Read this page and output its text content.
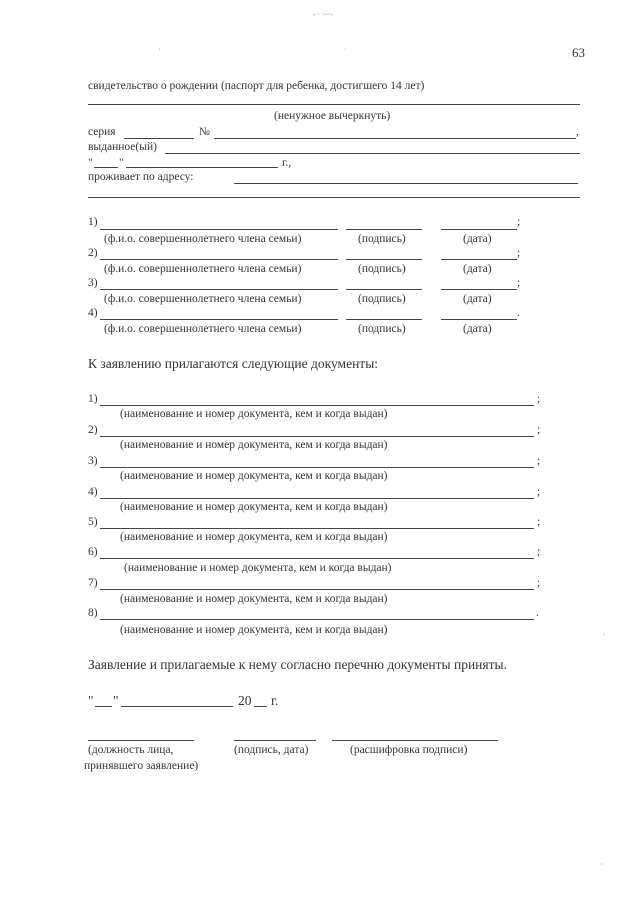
- · ·-·-
·	·	63
свидетельство о рождении (паспорт для ребенка, достигшего 14 лет)
(ненужное вычеркнуть)
серия	№	,
выданное(ый)
" "	г.,
проживает по адресу:
1)	;
(ф.и.о. совершеннолетнего члена семьи)	(подпись)	(дата)
2)	;
(ф.и.о. совершеннолетнего члена семьи)	(подпись)	(дата)
3)	;
(ф.и.о. совершеннолетнего члена семьи)	(подпись)	(дата)
4)	.
(ф.и.о. совершеннолетнего члена семьи)	(подпись)	(дата)
К заявлению прилагаются следующие документы:
1)	;
(наименование и номер документа, кем и когда выдан)
2)	;
(наименование и номер документа, кем и когда выдан)
3)	;
(наименование и номер документа, кем и когда выдан)
4)	;
(наименование и номер документа, кем и когда выдан)
5)	;
(наименование и номер документа, кем и когда выдан)
6)	;
(наименование и номер документа, кем и когда выдан)
7)	;
(наименование и номер документа, кем и когда выдан)
8)	.
(наименование и номер документа, кем и когда выдан)
Заявление и прилагаемые к нему согласно перечню документы приняты.
" "	20 г.
(должность лица,
принявшего заявление)
(подпись, дата)	(расшифровка подписи)
·
·
